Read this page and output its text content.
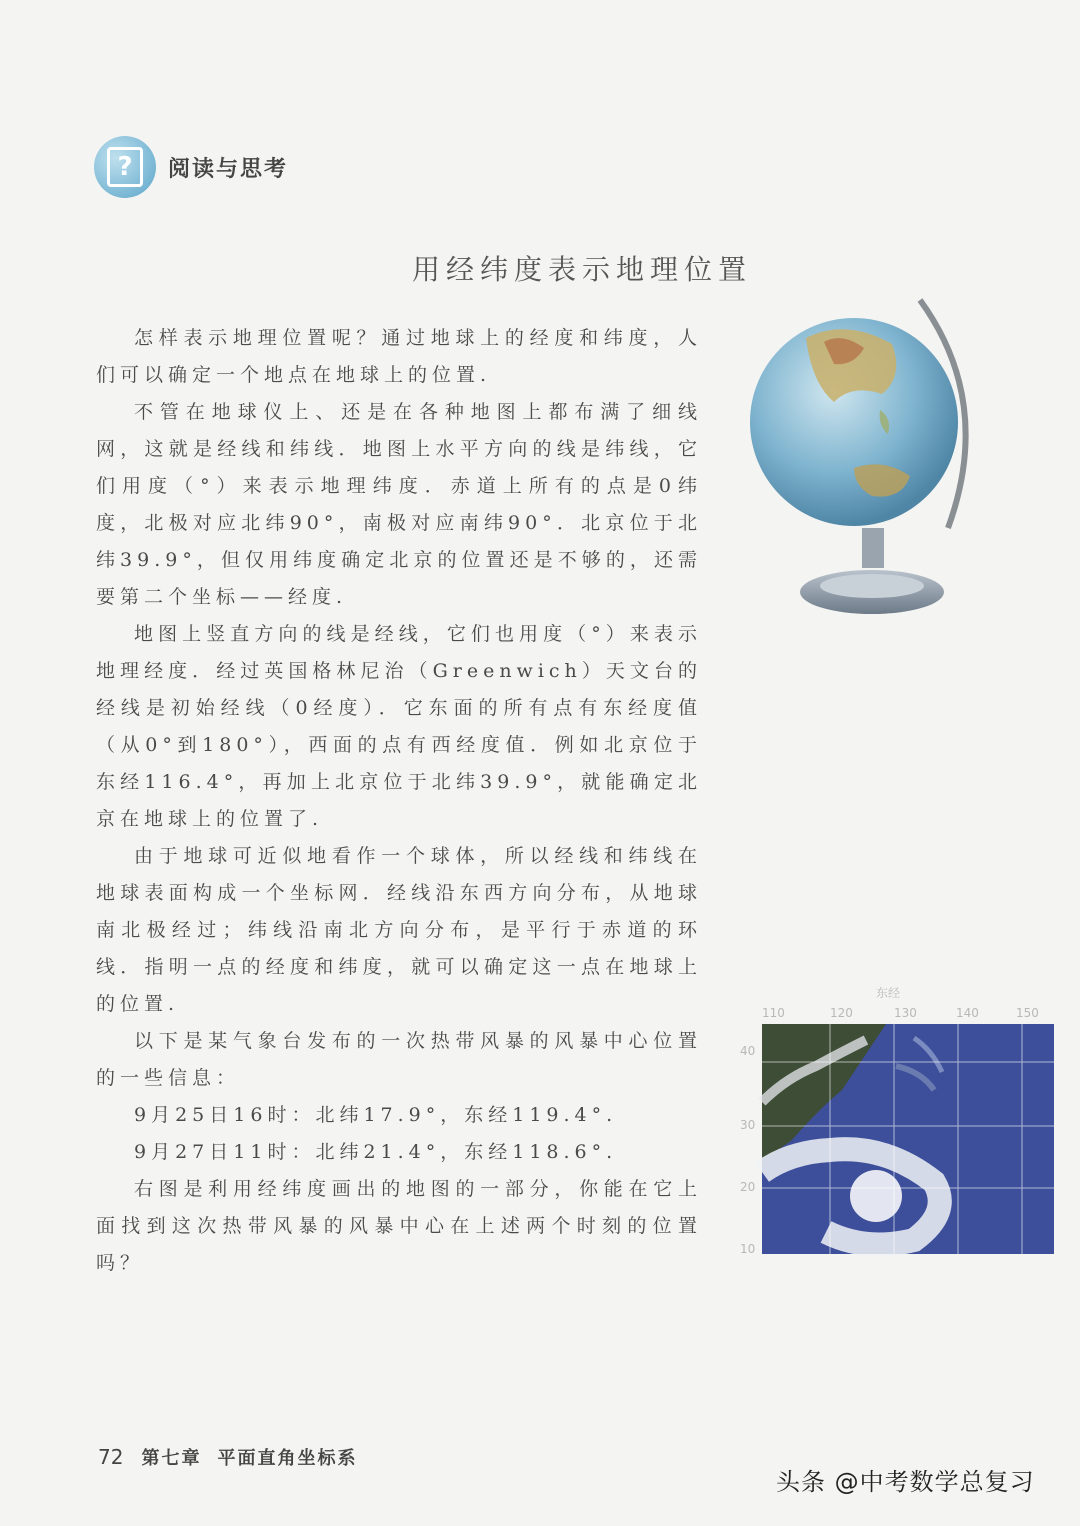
?	阅读与思考
用经纬度表示地理位置

怎样表示地理位置呢？通过地球上的经度和纬度，人们可以确定一个地点在地球上的位置.

不管在地球仪上、还是在各种地图上都布满了细线网，这就是经线和纬线．地图上水平方向的线是纬线，它们用度（°）来表示地理纬度．赤道上所有的点是0纬度，北极对应北纬90°，南极对应南纬90°．北京位于北纬39.9°，但仅用纬度确定北京的位置还是不够的，还需要第二个坐标——经度.

地图上竖直方向的线是经线，它们也用度（°）来表示地理经度．经过英国格林尼治（Greenwich）天文台的经线是初始经线（0经度）．它东面的所有点有东经度值（从0°到180°），西面的点有西经度值．例如北京位于东经116.4°，再加上北京位于北纬39.9°，就能确定北京在地球上的位置了.

由于地球可近似地看作一个球体，所以经线和纬线在地球表面构成一个坐标网．经线沿东西方向分布，从地球南北极经过；纬线沿南北方向分布，是平行于赤道的环线．指明一点的经度和纬度，就可以确定这一点在地球上的位置.

以下是某气象台发布的一次热带风暴的风暴中心位置的一些信息：

9月25日16时：北纬17.9°，东经119.4°.

9月27日11时：北纬21.4°，东经118.6°.

右图是利用经纬度画出的地图的一部分，你能在它上面找到这次热带风暴的风暴中心在上述两个时刻的位置吗？

东经
110	120	130	140	150
40
30
20
10
72 第七章 平面直角坐标系
头条 @中考数学总复习
